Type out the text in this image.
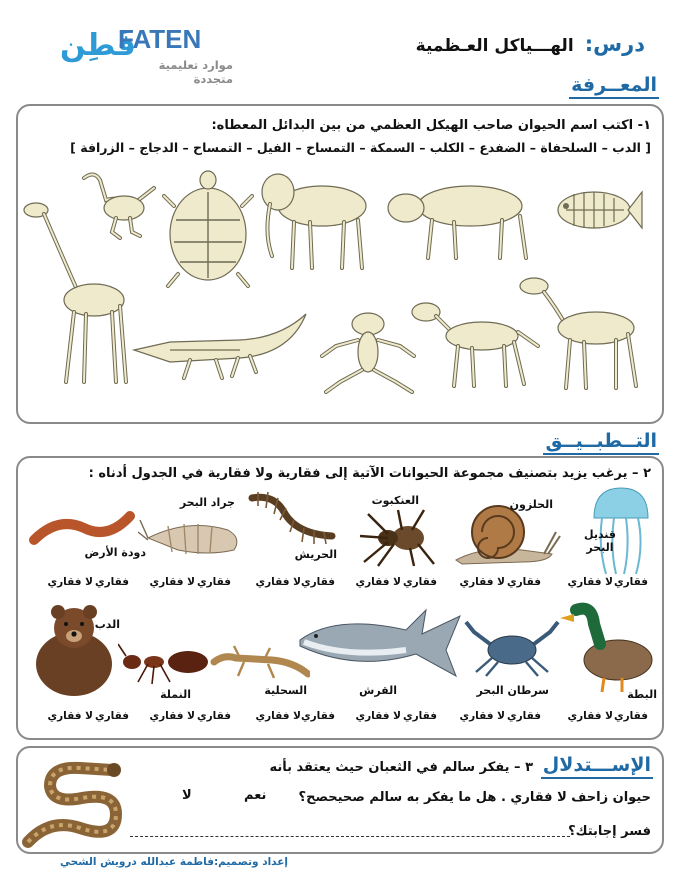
فَطِن
FATEN
موارد تعليمية متجددة
درس: الهـــياكل العـظمية
المعــرفة
١- اكتب اسم الحيوان صاحب الهيكل العظمي من بين البدائل المعطاه:
[ الدب – السلحفاة – الضفدع – الكلب – السمكة – التمساح – الفيل – التمساح – الدجاج – الزرافة ]
التــطبــيــق
٢ – يرغب يزيد بتصنيف مجموعة الحيوانات الآتية إلى فقارية ولا فقارية في الجدول أدناه :
قنديل البحر
الحلزون
العنكبوت
الحريش
جراد البحر
دودة الأرض
فقاري
لا فقاري
فقاري
لا فقاري
فقاري
لا فقاري
فقاري
لا فقاري
فقاري
لا فقاري
فقاري
لا فقاري
البطة
سرطان البحر
القرش
السحلية
النملة
الدب
فقاري
لا فقاري
فقاري
لا فقاري
فقاري
لا فقاري
فقاري
لا فقاري
فقاري
لا فقاري
فقاري
لا فقاري
الإســـتدلال
٣ – يفكر سالم في الثعبان حيث يعتقد بأنه
حيوان زاحف لا فقاري . هل ما يفكر به سالم صحيحصح؟
نعم
لا
فسر إجابتك؟
إعداد وتصميم:فاطمة عبدالله درويش الشحي
